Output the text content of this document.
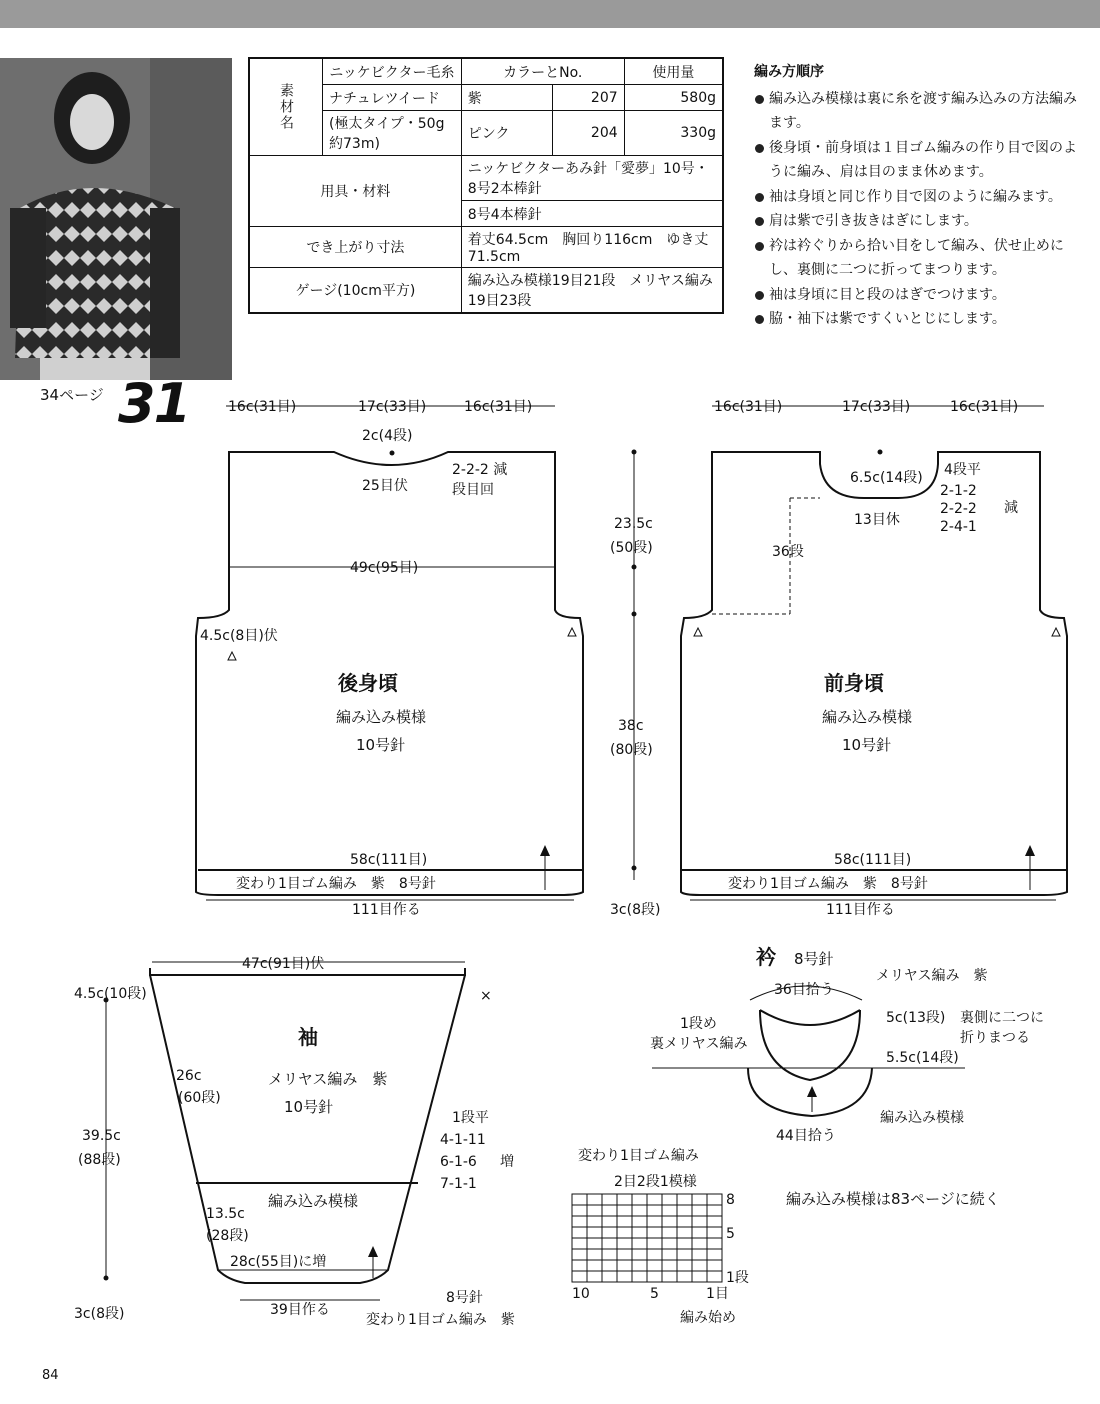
素材名	ニッケビクター毛糸	カラーとNo.		使用量
	ナチュレツイード	紫	207	580g
	(極太タイプ・50g約73m)	ピンク	204	330g
用具・材料		ニッケビクターあみ針「愛夢」10号・8号2本棒針		
		8号4本棒針		
でき上がり寸法		着丈64.5cm　胸回り116cm　ゆき丈71.5cm		
ゲージ(10cm平方)		編み込み模様19目21段　メリヤス編み19目23段		
編み方順序
編み込み模様は裏に糸を渡す編み込みの方法編みます。
後身頃・前身頃は１目ゴム編みの作り目で図のように編み、肩は目のまま休めます。
袖は身頃と同じ作り目で図のように編みます。
肩は紫で引き抜きはぎにします。
衿は衿ぐりから拾い目をして編み、伏せ止めにし、裏側に二つに折ってまつります。
袖は身頃に目と段のはぎでつけます。
脇・袖下は紫ですくいとじにします。
34ページ 31
84
16c(31目)	17c(33目)	16c(31目)
2c(4段)
25目伏
2-2-2 減
段目回
49c(95目)
4.5c(8目)伏
後身頃
編み込み模様
10号針
58c(111目)
変わり1目ゴム編み　紫　8号針
111目作る
16c(31目)	17c(33目)	16c(31目)
6.5c(14段) 4段平
2-1-2
2-2-2
2-4-1
減
13目休
36段
前身頃
編み込み模様
10号針
58c(111目)
変わり1目ゴム編み　紫　8号針
111目作る
23.5c
(50段)
38c
(80段)
3c(8段)
47c(91目)伏
×
4.5c(10段)
39.5c
(88段)
26c
(60段)
13.5c
(28段)
3c(8段)
袖
メリヤス編み　紫
10号針
編み込み模様
1段平
4-1-11
6-1-6
7-1-1
増
28c(55目)に増
39目作る
8号針
変わり1目ゴム編み　紫
衿 8号針
メリヤス編み　紫
36目拾う
1段め
裏メリヤス編み
5c(13段) 裏側に二つに
折りまつる
5.5c(14段)
編み込み模様
44目拾う
変わり1目ゴム編み
2目2段1模様
8
5
1段
10	5	1目
編み始め
編み込み模様は83ページに続く
